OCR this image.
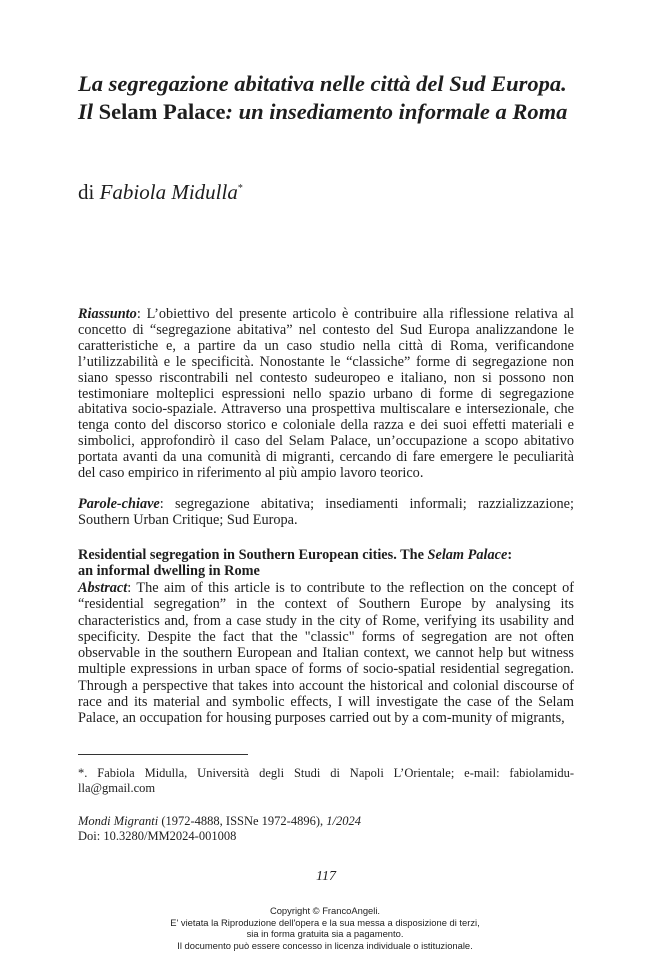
La segregazione abitativa nelle città del Sud Europa. Il Selam Palace: un insediamento informale a Roma
di Fabiola Midulla*

Riassunto: L’obiettivo del presente articolo è contribuire alla riflessione relativa al concetto di “segregazione abitativa” nel contesto del Sud Europa analizzandone le caratteristiche e, a partire da un caso studio nella città di Roma, verificandone l’utilizzabilità e le specificità. Nonostante le “classiche” forme di segregazione non siano spesso riscontrabili nel contesto sudeuropeo e italiano, non si possono non testimoniare molteplici espressioni nello spazio urbano di forme di segregazione abitativa socio-spaziale. Attraverso una prospettiva multiscalare e intersezionale, che tenga conto del discorso storico e coloniale della razza e dei suoi effetti materiali e simbolici, approfondirò il caso del Selam Palace, un’occupazione a scopo abitativo portata avanti da una comunità di migranti, cercando di fare emergere le peculiarità del caso empirico in riferimento al più ampio lavoro teorico.

Parole-chiave: segregazione abitativa; insediamenti informali; razzializzazione; Southern Urban Critique; Sud Europa.

Residential segregation in Southern European cities. The Selam Palace:
an informal dwelling in Rome

Abstract: The aim of this article is to contribute to the reflection on the concept of “residential segregation” in the context of Southern Europe by analysing its characteristics and, from a case study in the city of Rome, verifying its usability and specificity. Despite the fact that the "classic" forms of segregation are not often observable in the southern European and Italian context, we cannot help but witness multiple expressions in urban space of forms of socio-spatial residential segregation. Through a perspective that takes into account the historical and colonial discourse of race and its material and symbolic effects, I will investigate the case of the Selam Palace, an occupation for housing purposes carried out by a com-munity of migrants,

*. Fabiola Midulla, Università degli Studi di Napoli L’Orientale; e-mail: fabiolamidu-lla@gmail.com

Mondi Migranti (1972-4888, ISSNe 1972-4896), 1/2024
Doi: 10.3280/MM2024-001008

117
Copyright © FrancoAngeli.
E' vietata la Riproduzione dell'opera e la sua messa a disposizione di terzi,
sia in forma gratuita sia a pagamento.
Il documento può essere concesso in licenza individuale o istituzionale.
